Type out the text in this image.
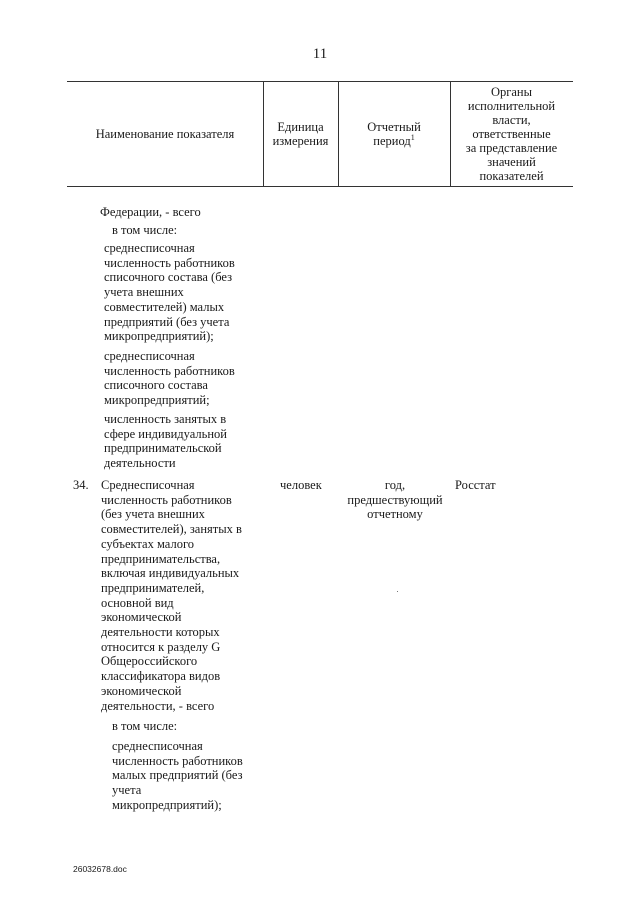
11
Наименование показателя	Единица
измерения
Отчетный
период$^1$
Органы
исполнительной
власти,
ответственные
за представление
значений
показателей
Федерации, - всего
в том числе:
среднесписочная
численность работников
списочного состава (без
учета внешних
совместителей) малых
предприятий (без учета
микропредприятий);
среднесписочная
численность работников
списочного состава
микропредприятий;
численность занятых в
сфере индивидуальной
предпринимательской
деятельности
34. Среднесписочная
численность работников
(без учета внешних
совместителей), занятых в
субъектах малого
предпринимательства,
включая индивидуальных
предпринимателей,
основной вид
экономической
деятельности которых
относится к разделу G
Общероссийского
классификатора видов
экономической
деятельности, - всего
человек	год,
предшествующий
отчетному
Росстат
в том числе:
среднесписочная
численность работников
малых предприятий (без
учета
микропредприятий);
26032678.doc
